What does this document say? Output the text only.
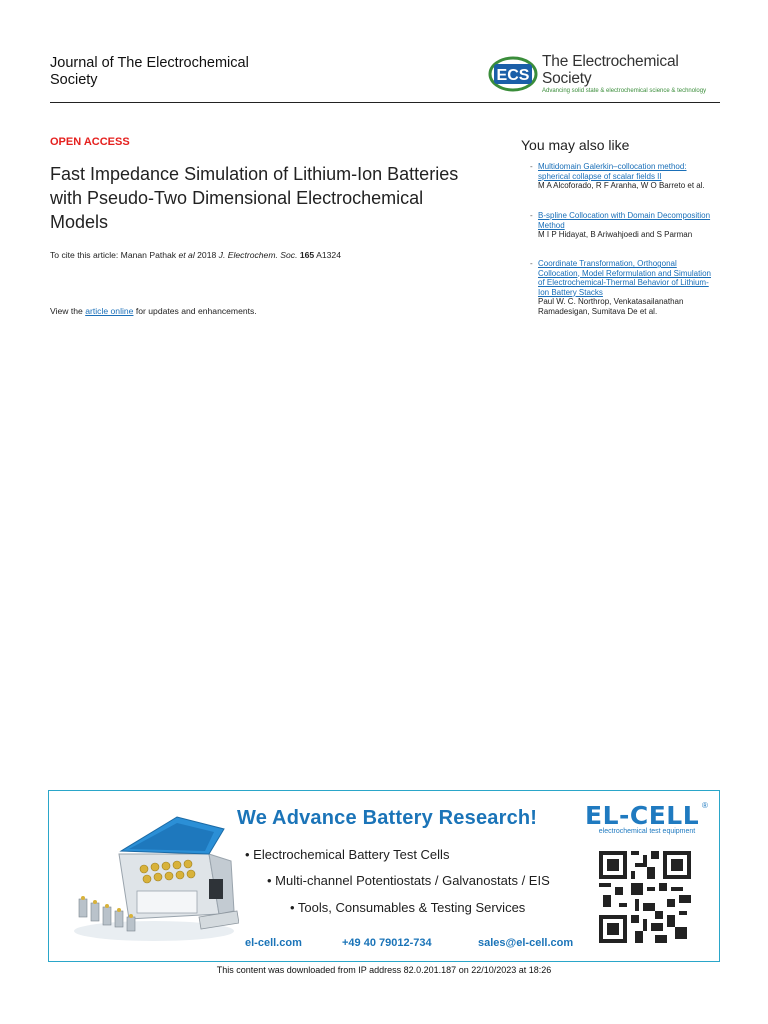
Journal of The Electrochemical Society	ECS
The Electrochemical Society
Advancing solid state & electrochemical science & technology
OPEN ACCESS
Fast Impedance Simulation of Lithium-Ion Batteries with Pseudo-Two Dimensional Electrochemical Models
To cite this article: Manan Pathak et al 2018 J. Electrochem. Soc. 165 A1324
View the article online for updates and enhancements.
You may also like
- Multidomain Galerkin–collocation method: spherical collapse of scalar fields II
M A Alcoforado, R F Aranha, W O Barreto et al.
- B-spline Collocation with Domain Decomposition Method
M I P Hidayat, B Ariwahjoedi and S Parman
- Coordinate Transformation, Orthogonal Collocation, Model Reformulation and Simulation of Electrochemical-Thermal Behavior of Lithium-Ion Battery Stacks
Paul W. C. Northrop, Venkatasailanathan Ramadesigan, Sumitava De et al.
We Advance Battery Research! EL-CELL
electrochemical test equipment
®
• Electrochemical Battery Test Cells
• Multi-channel Potentiostats / Galvanostats / EIS
• Tools, Consumables & Testing Services
el-cell.com	+49 40 79012-734	sales@el-cell.com
This content was downloaded from IP address 82.0.201.187 on 22/10/2023 at 18:26
